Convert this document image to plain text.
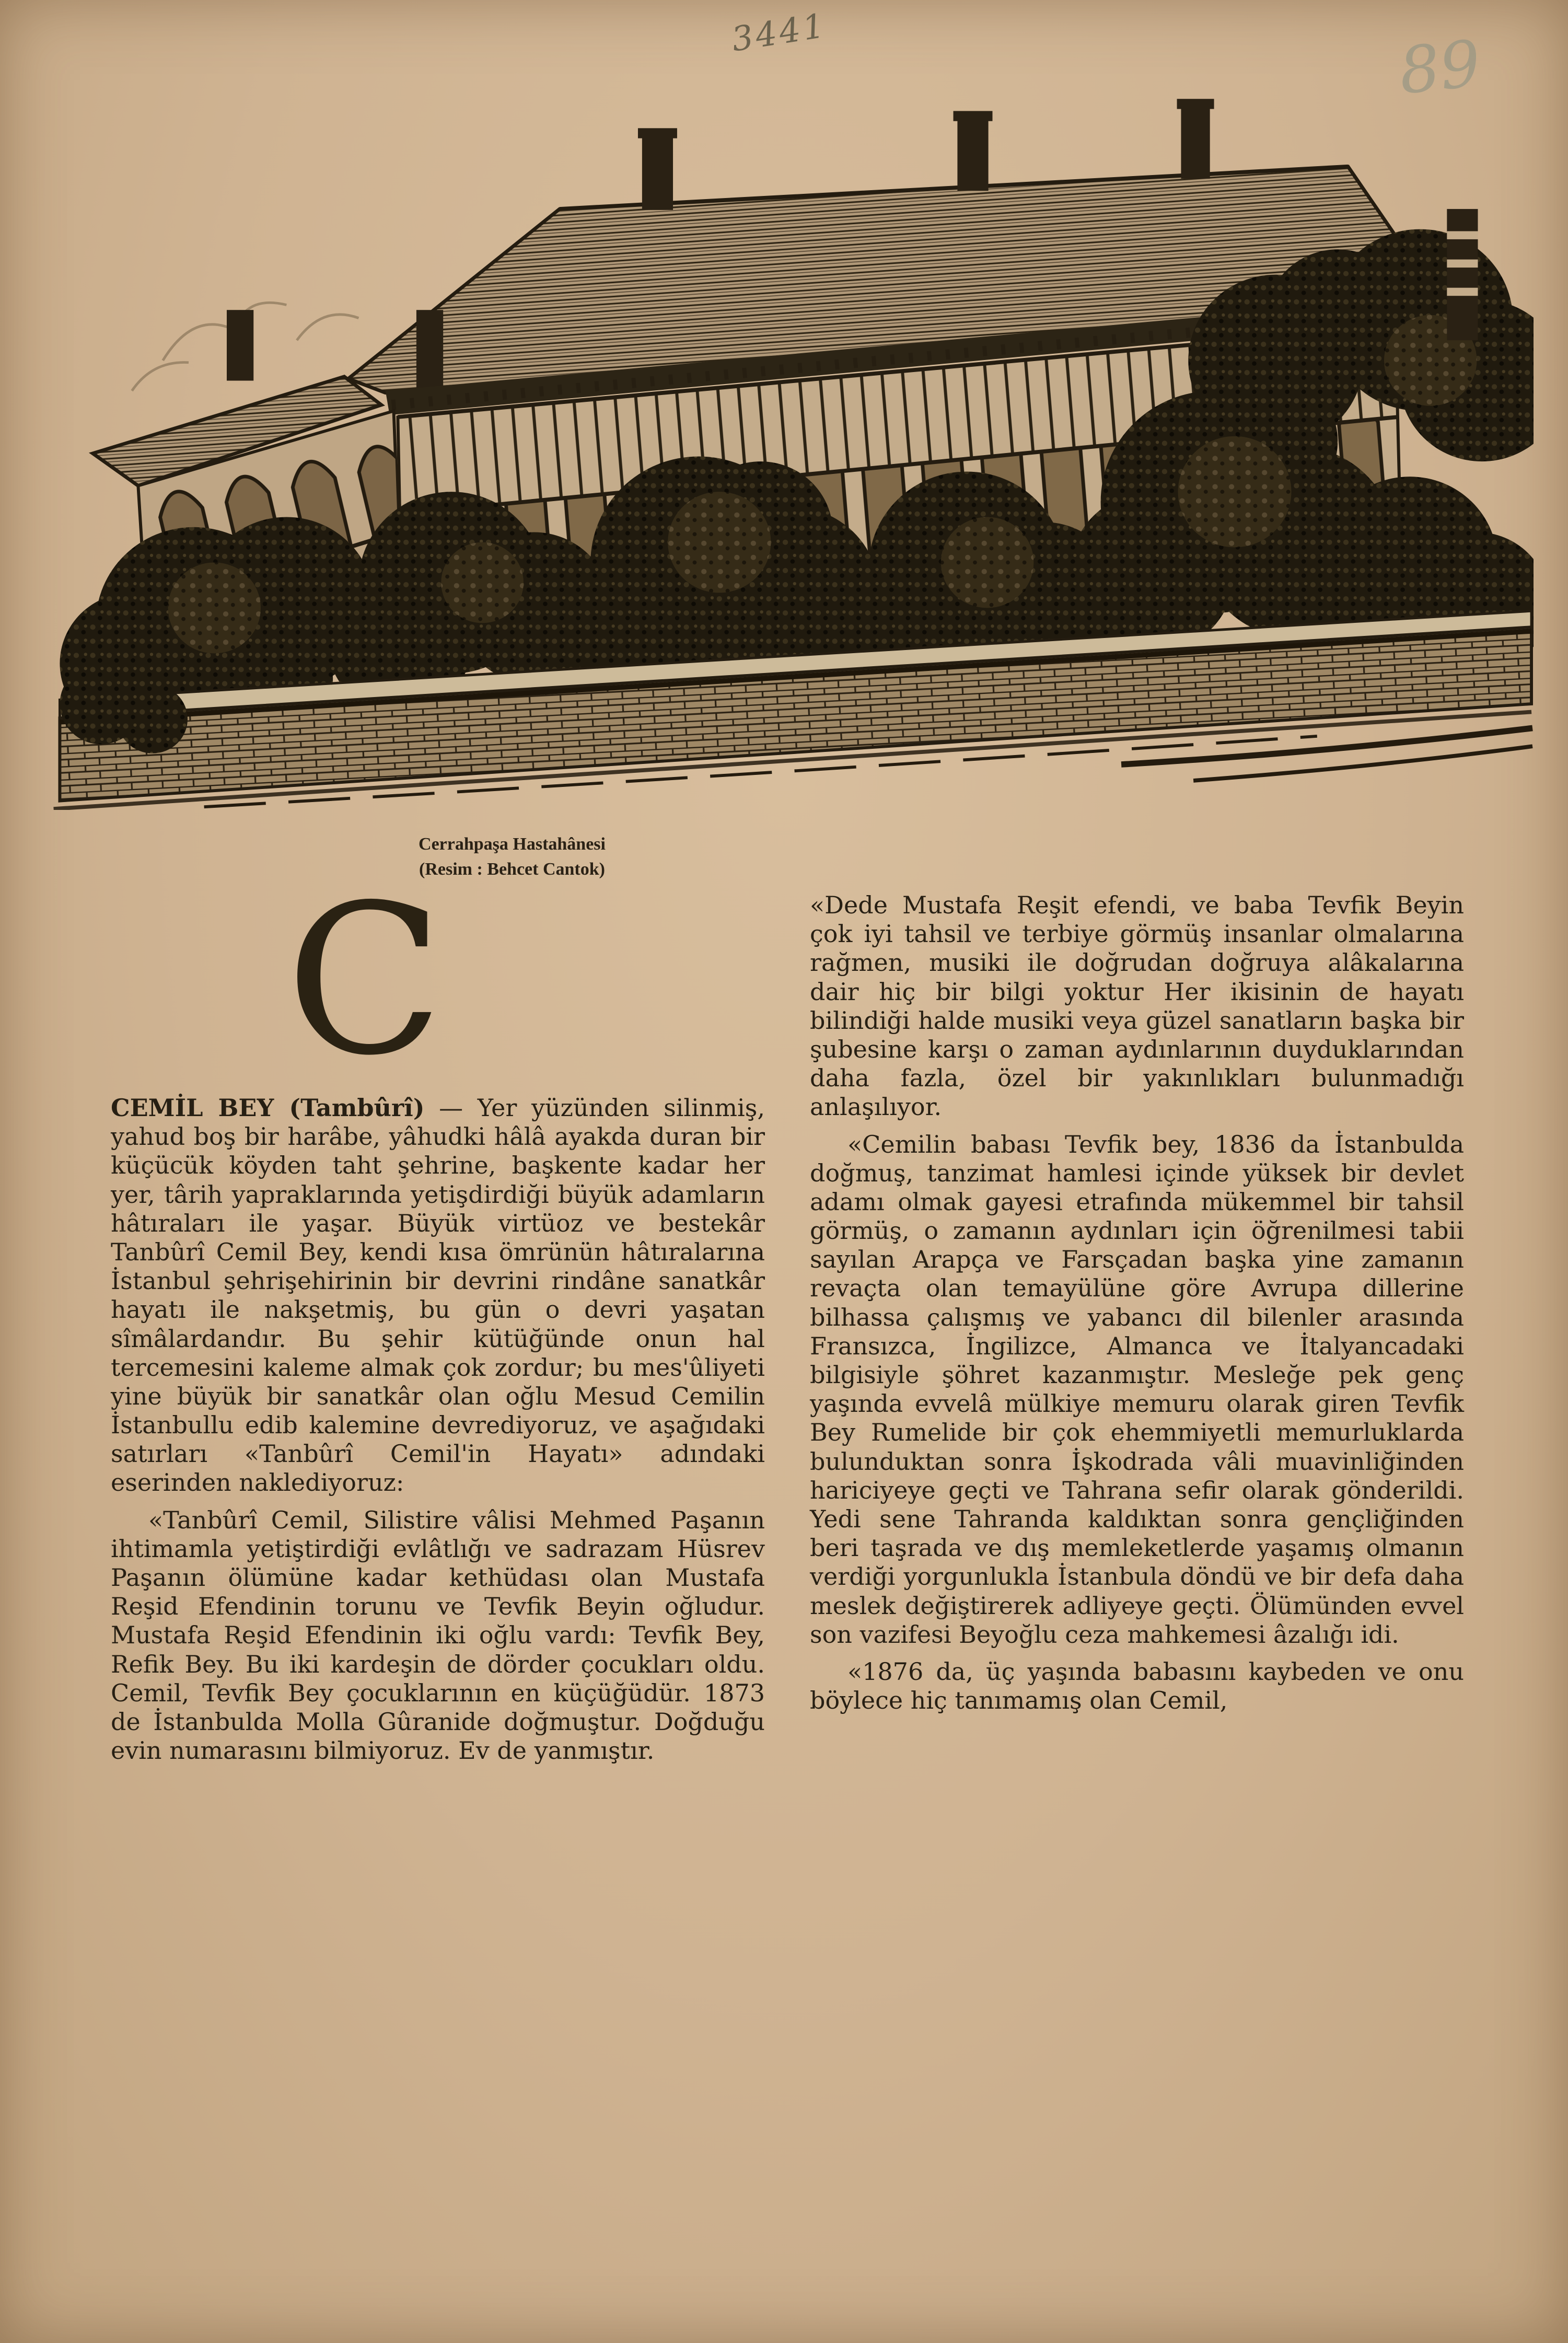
3441	89
Cerrahpaşa Hastahânesi
(Resim : Behcet Cantok)
C

CEMİL BEY (Tambûrî) — Yer yüzünden silinmiş, yahud boş bir harâbe, yâhudki hâlâ ayakda duran bir küçücük köyden taht şehrine, başkente kadar her yer, târih yapraklarında yetişdirdiği büyük adamların hâtıraları ile yaşar. Büyük virtüoz ve bestekâr Tanbûrî Cemil Bey, kendi kısa ömrünün hâtıralarına İstanbul şehrişehirinin bir devrini rindâne sanatkâr hayatı ile nakşetmiş, bu gün o devri yaşatan sîmâlardandır. Bu şehir kütüğünde onun hal tercemesini kaleme almak çok zordur; bu mes'ûliyeti yine büyük bir sanatkâr olan oğlu Mesud Cemilin İstanbullu edib kalemine devrediyoruz, ve aşağıdaki satırları «Tanbûrî Cemil'in Hayatı» adındaki eserinden naklediyoruz:

«Tanbûrî Cemil, Silistire vâlisi Mehmed Paşanın ihtimamla yetiştirdiği evlâtlığı ve sadrazam Hüsrev Paşanın ölümüne kadar kethüdası olan Mustafa Reşid Efendinin torunu ve Tevfik Beyin oğludur. Mustafa Reşid Efendinin iki oğlu vardı: Tevfik Bey, Refik Bey. Bu iki kardeşin de dörder çocukları oldu. Cemil, Tevfik Bey çocuklarının en küçüğüdür. 1873 de İstanbulda Molla Gûranide doğmuştur. Doğduğu evin numarasını bilmiyoruz. Ev de yanmıştır.

«Dede Mustafa Reşit efendi, ve baba Tevfik Beyin çok iyi tahsil ve terbiye görmüş insanlar olmalarına rağmen, musiki ile doğrudan doğruya alâkalarına dair hiç bir bilgi yoktur Her ikisinin de hayatı bilindiği halde musiki veya güzel sanatların başka bir şubesine karşı o zaman aydınlarının duyduklarından daha fazla, özel bir yakınlıkları bulunmadığı anlaşılıyor.

«Cemilin babası Tevfik bey, 1836 da İstanbulda doğmuş, tanzimat hamlesi içinde yüksek bir devlet adamı olmak gayesi etrafında mükemmel bir tahsil görmüş, o zamanın aydınları için öğrenilmesi tabii sayılan Arapça ve Farsçadan başka yine zamanın revaçta olan temayülüne göre Avrupa dillerine bilhassa çalışmış ve yabancı dil bilenler arasında Fransızca, İngilizce, Almanca ve İtalyancadaki bilgisiyle şöhret kazanmıştır. Mesleğe pek genç yaşında evvelâ mülkiye memuru olarak giren Tevfik Bey Rumelide bir çok ehemmiyetli memurluklarda bulunduktan sonra İşkodrada vâli muavinliğinden hariciyeye geçti ve Tahrana sefir olarak gönderildi. Yedi sene Tahranda kaldıktan sonra gençliğinden beri taşrada ve dış memleketlerde yaşamış olmanın verdiği yorgunlukla İstanbula döndü ve bir defa daha meslek değiştirerek adliyeye geçti. Ölümünden evvel son vazifesi Beyoğlu ceza mahkemesi âzalığı idi.

«1876 da, üç yaşında babasını kaybeden ve onu böylece hiç tanımamış olan Cemil,
